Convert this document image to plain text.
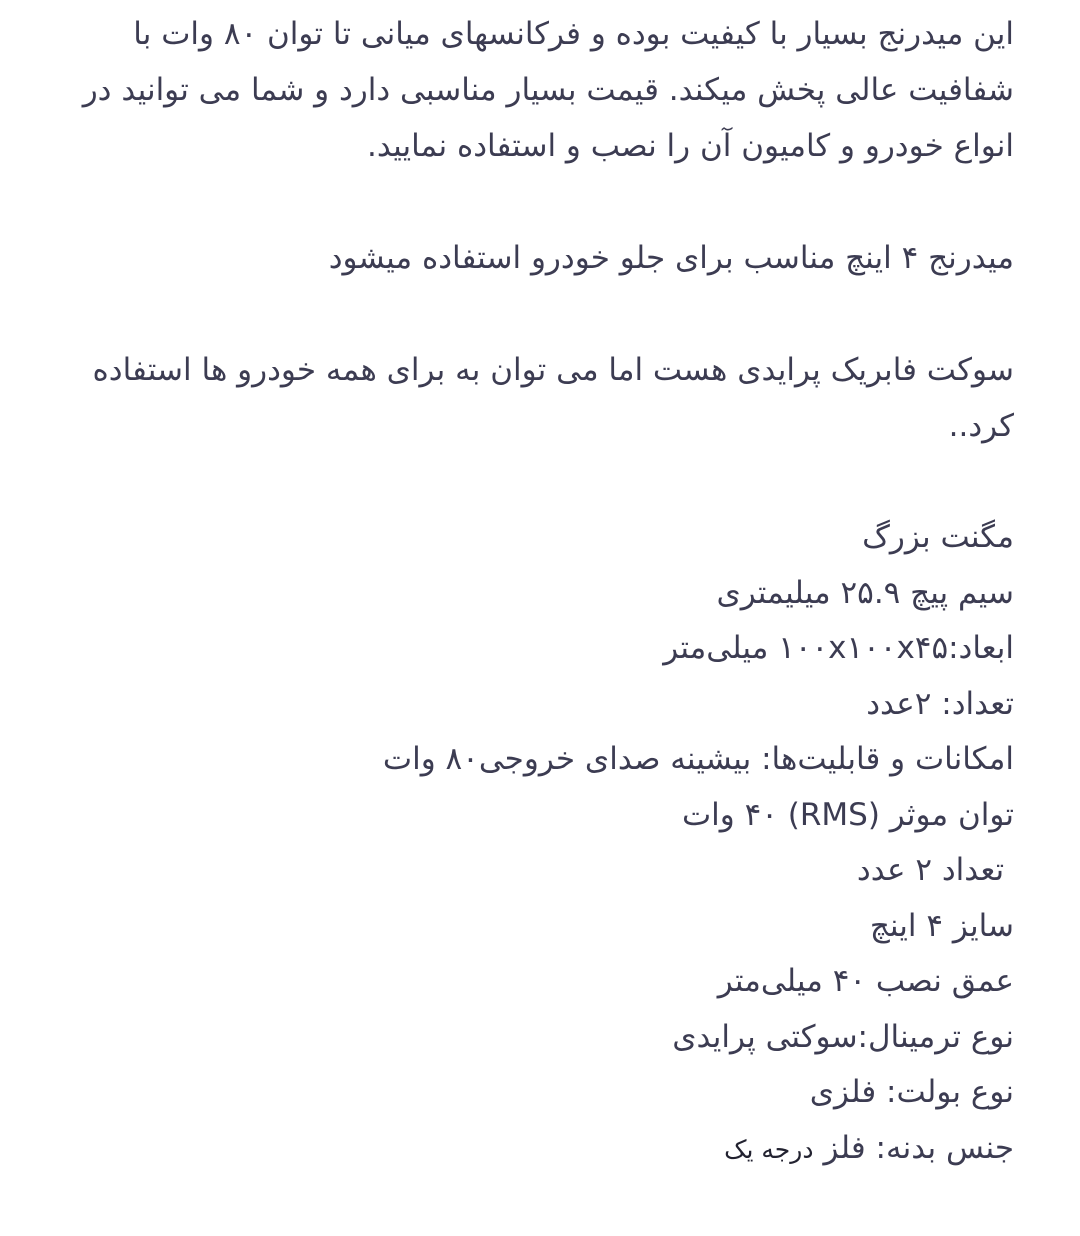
این میدرنج بسیار با کیفیت بوده و فرکانسهای میانی تا توان ۸۰ وات با شفافیت عالی پخش میکند. قیمت بسیار مناسبی دارد و شما می توانید در انواع خودرو و کامیون آن را نصب و استفاده نمایید.

میدرنج ۴ اینچ مناسب برای جلو خودرو استفاده میشود

سوکت فابریک پرایدی هست اما می توان به برای همه خودرو ها استفاده کرد..

مگنت بزرگ

سیم پیچ ۲۵.۹ میلیمتری

ابعاد:۱۰۰x۱۰۰x۴۵ میلی‌متر

تعداد: ۲عدد

امکانات و قابلیت‌ها: بیشینه صدای خروجی۸۰ وات

توان موثر (RMS) ۴۰ وات

تعداد ۲ عدد

سایز ۴ اینچ

عمق نصب ۴۰ میلی‌متر

نوع ترمینال:سوکتی پرایدی

نوع بولت: فلزی

جنس بدنه: فلزدرجه یک
